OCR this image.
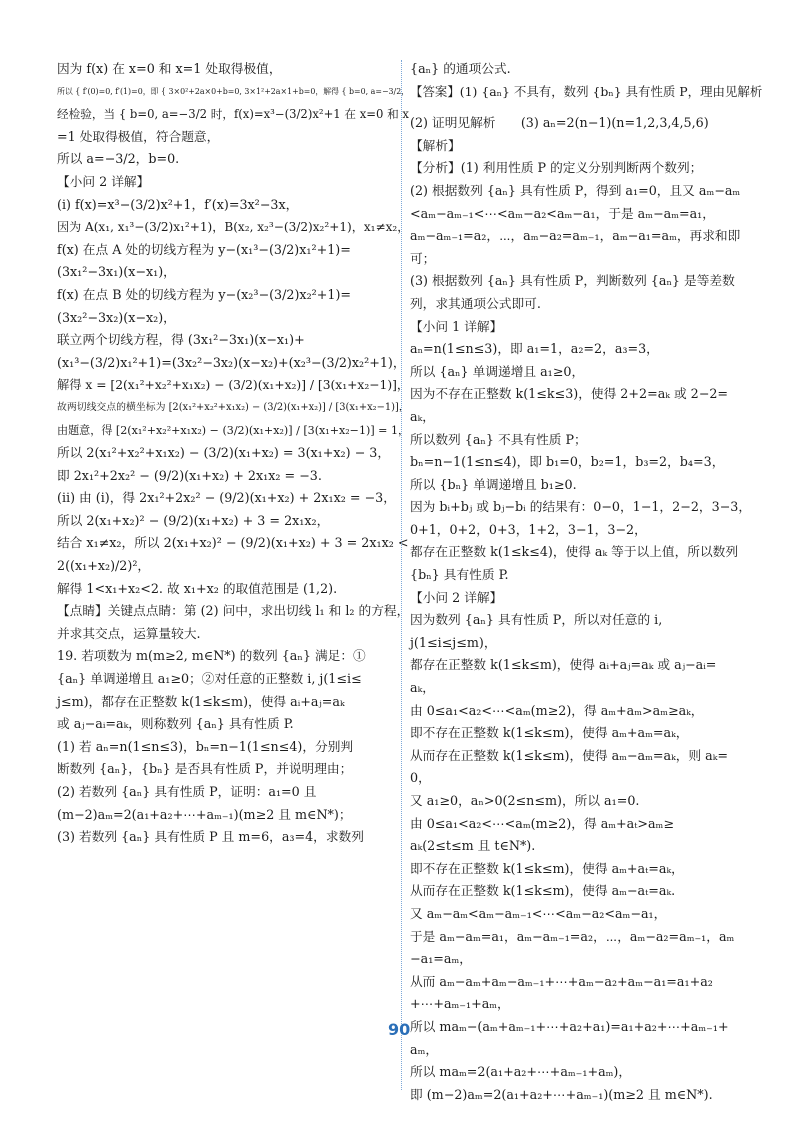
因为 f(x) 在 x=0 和 x=1 处取得极值，
所以 { f′(0)=0, f′(1)=0，即 { 3×0²+2a×0+b=0, 3×1²+2a×1+b=0，解得 { b=0, a=−3/2，
经检验，当 { b=0, a=−3/2 时，f(x)=x³−(3/2)x²+1 在 x=0 和 x
=1 处取得极值，符合题意，
所以 a=−3/2，b=0.
【小问 2 详解】
(ⅰ) f(x)=x³−(3/2)x²+1，f′(x)=3x²−3x，
因为 A(x₁, x₁³−(3/2)x₁²+1)，B(x₂, x₂³−(3/2)x₂²+1)，x₁≠x₂，
f(x) 在点 A 处的切线方程为 y−(x₁³−(3/2)x₁²+1)=
(3x₁²−3x₁)(x−x₁)，
f(x) 在点 B 处的切线方程为 y−(x₂³−(3/2)x₂²+1)=
(3x₂²−3x₂)(x−x₂)，
联立两个切线方程，得 (3x₁²−3x₁)(x−x₁)+
(x₁³−(3/2)x₁²+1)=(3x₂²−3x₂)(x−x₂)+(x₂³−(3/2)x₂²+1)，
解得 x = [2(x₁²+x₂²+x₁x₂) − (3/2)(x₁+x₂)] / [3(x₁+x₂−1)]，
故两切线交点的横坐标为 [2(x₁²+x₂²+x₁x₂) − (3/2)(x₁+x₂)] / [3(x₁+x₂−1)]，
由题意，得 [2(x₁²+x₂²+x₁x₂) − (3/2)(x₁+x₂)] / [3(x₁+x₂−1)] = 1，
所以 2(x₁²+x₂²+x₁x₂) − (3/2)(x₁+x₂) = 3(x₁+x₂) − 3，
即 2x₁²+2x₂² − (9/2)(x₁+x₂) + 2x₁x₂ = −3.
(ⅱ) 由 (ⅰ)，得 2x₁²+2x₂² − (9/2)(x₁+x₂) + 2x₁x₂ = −3，
所以 2(x₁+x₂)² − (9/2)(x₁+x₂) + 3 = 2x₁x₂，
结合 x₁≠x₂，所以 2(x₁+x₂)² − (9/2)(x₁+x₂) + 3 = 2x₁x₂ <
2((x₁+x₂)/2)²，
解得 1<x₁+x₂<2. 故 x₁+x₂ 的取值范围是 (1,2).
【点睛】关键点点睛：第 (2) 问中，求出切线 l₁ 和 l₂ 的方程，
并求其交点，运算量较大.
19. 若项数为 m(m≥2, m∈N*) 的数列 {aₙ} 满足：①
{aₙ} 单调递增且 a₁≥0；②对任意的正整数 i, j(1≤i≤
j≤m)，都存在正整数 k(1≤k≤m)，使得 aᵢ+aⱼ=aₖ
或 aⱼ−aᵢ=aₖ，则称数列 {aₙ} 具有性质 P.
(1) 若 aₙ=n(1≤n≤3)，bₙ=n−1(1≤n≤4)，分别判
断数列 {aₙ}，{bₙ} 是否具有性质 P，并说明理由；
(2) 若数列 {aₙ} 具有性质 P，证明：a₁=0 且
(m−2)aₘ=2(a₁+a₂+⋯+aₘ₋₁)(m≥2 且 m∈N*)；
(3) 若数列 {aₙ} 具有性质 P 且 m=6，a₃=4，求数列
{aₙ} 的通项公式.
【答案】(1) {aₙ} 不具有，数列 {bₙ} 具有性质 P，理由见解析
(2) 证明见解析　　(3) aₙ=2(n−1)(n=1,2,3,4,5,6)
【解析】
【分析】(1) 利用性质 P 的定义分别判断两个数列；
(2) 根据数列 {aₙ} 具有性质 P，得到 a₁=0，且又 aₘ−aₘ
<aₘ−aₘ₋₁<⋯<aₘ−a₂<aₘ−a₁，于是 aₘ−aₘ=a₁，
aₘ−aₘ₋₁=a₂，⋯，aₘ−a₂=aₘ₋₁，aₘ−a₁=aₘ，再求和即
可；
(3) 根据数列 {aₙ} 具有性质 P，判断数列 {aₙ} 是等差数
列，求其通项公式即可.
【小问 1 详解】
aₙ=n(1≤n≤3)，即 a₁=1，a₂=2，a₃=3，
所以 {aₙ} 单调递增且 a₁≥0，
因为不存在正整数 k(1≤k≤3)，使得 2+2=aₖ 或 2−2=
aₖ，
所以数列 {aₙ} 不具有性质 P；
bₙ=n−1(1≤n≤4)，即 b₁=0，b₂=1，b₃=2，b₄=3，
所以 {bₙ} 单调递增且 b₁≥0.
因为 bᵢ+bⱼ 或 bⱼ−bᵢ 的结果有：0−0，1−1，2−2，3−3，
0+1，0+2，0+3，1+2，3−1，3−2，
都存在正整数 k(1≤k≤4)，使得 aₖ 等于以上值，所以数列
{bₙ} 具有性质 P.
【小问 2 详解】
因为数列 {aₙ} 具有性质 P，所以对任意的 i,
j(1≤i≤j≤m)，
都存在正整数 k(1≤k≤m)，使得 aᵢ+aⱼ=aₖ 或 aⱼ−aᵢ=
aₖ，
由 0≤a₁<a₂<⋯<aₘ(m≥2)，得 aₘ+aₘ>aₘ≥aₖ，
即不存在正整数 k(1≤k≤m)，使得 aₘ+aₘ=aₖ，
从而存在正整数 k(1≤k≤m)，使得 aₘ−aₘ=aₖ，则 aₖ=
0，
又 a₁≥0，aₙ>0(2≤n≤m)，所以 a₁=0.
由 0≤a₁<a₂<⋯<aₘ(m≥2)，得 aₘ+aₜ>aₘ≥
aₖ(2≤t≤m 且 t∈N*).
即不存在正整数 k(1≤k≤m)，使得 aₘ+aₜ=aₖ，
从而存在正整数 k(1≤k≤m)，使得 aₘ−aₜ=aₖ.
又 aₘ−aₘ<aₘ−aₘ₋₁<⋯<aₘ−a₂<aₘ−a₁，
于是 aₘ−aₘ=a₁，aₘ−aₘ₋₁=a₂，⋯，aₘ−a₂=aₘ₋₁，aₘ
−a₁=aₘ，
从而 aₘ−aₘ+aₘ−aₘ₋₁+⋯+aₘ−a₂+aₘ−a₁=a₁+a₂
+⋯+aₘ₋₁+aₘ，
所以 maₘ−(aₘ+aₘ₋₁+⋯+a₂+a₁)=a₁+a₂+⋯+aₘ₋₁+
aₘ，
所以 maₘ=2(a₁+a₂+⋯+aₘ₋₁+aₘ)，
即 (m−2)aₘ=2(a₁+a₂+⋯+aₘ₋₁)(m≥2 且 m∈N*).
90
